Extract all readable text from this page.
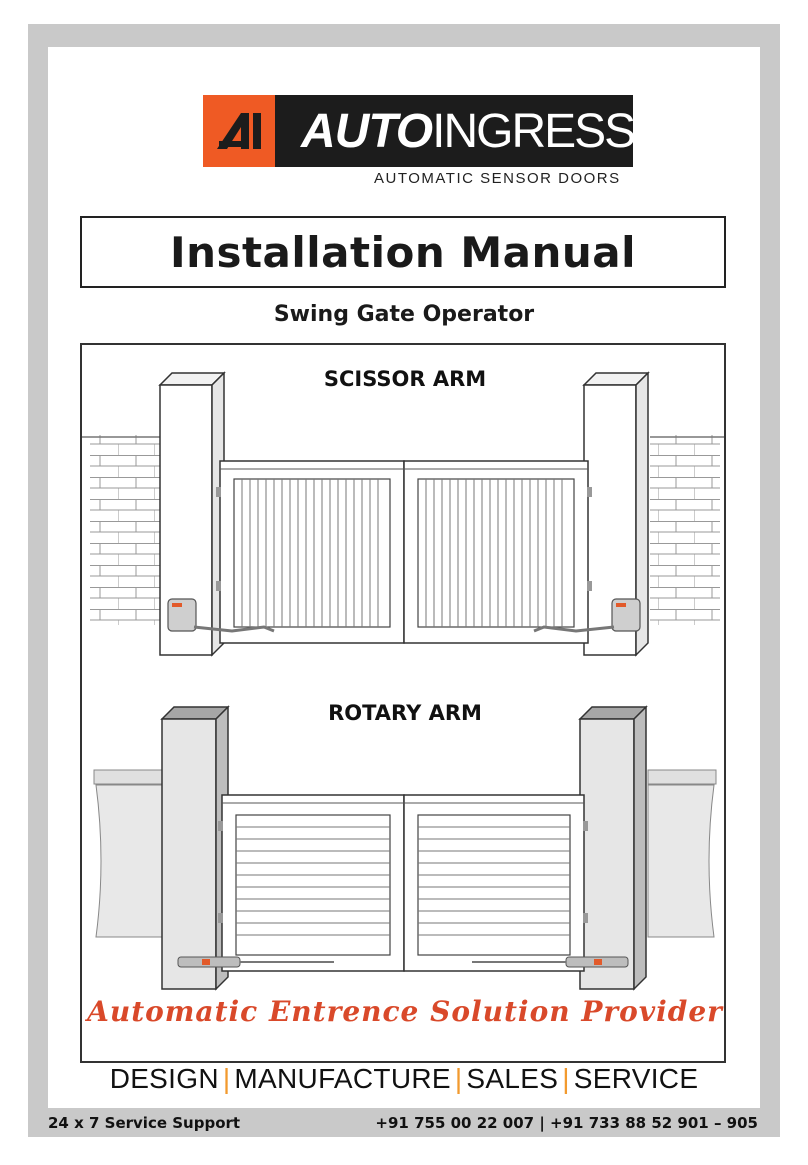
AUTOINGRESS
AUTOMATIC SENSOR DOORS
Installation Manual
Swing Gate Operator
SCISSOR ARM
ROTARY ARM
Automatic Entrence Solution Provider
DESIGN | MANUFACTURE | SALES | SERVICE
24 x 7 Service Support	+91 755 00 22 007 | +91 733 88 52 901 – 905
